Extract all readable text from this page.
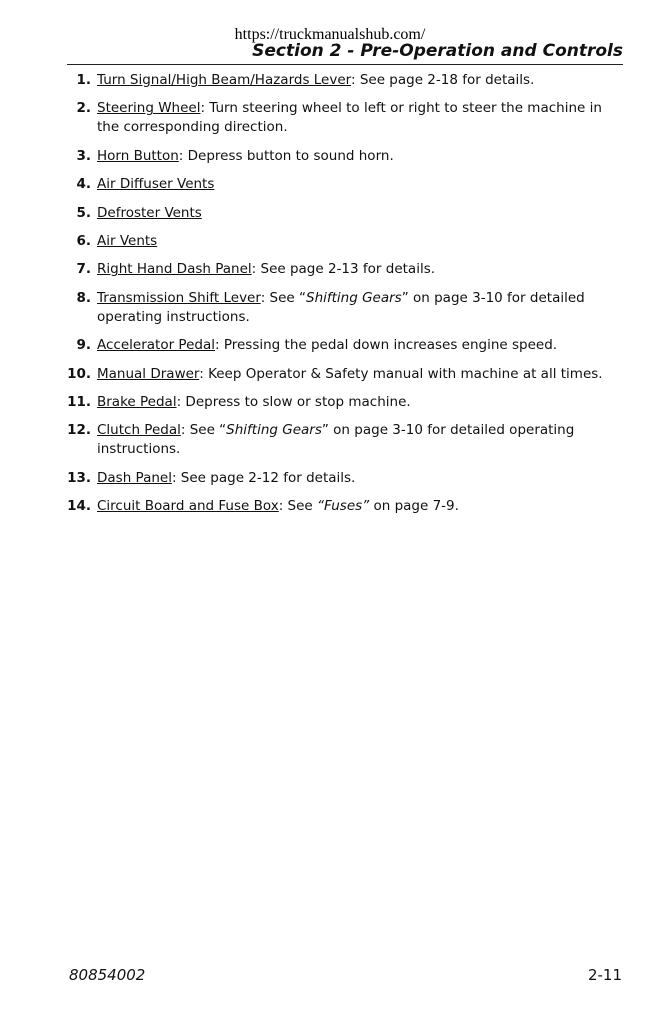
https://truckmanualshub.com/
Section 2 - Pre-Operation and Controls
1. Turn Signal/High Beam/Hazards Lever: See page 2-18 for details.
2. Steering Wheel: Turn steering wheel to left or right to steer the machine in the corresponding direction.
3. Horn Button: Depress button to sound horn.
4. Air Diffuser Vents
5. Defroster Vents
6. Air Vents
7. Right Hand Dash Panel: See page 2-13 for details.
8. Transmission Shift Lever: See “Shifting Gears” on page 3-10 for detailed operating instructions.
9. Accelerator Pedal: Pressing the pedal down increases engine speed.
10. Manual Drawer: Keep Operator & Safety manual with machine at all times.
11. Brake Pedal: Depress to slow or stop machine.
12. Clutch Pedal: See “Shifting Gears” on page 3-10 for detailed operating instructions.
13. Dash Panel: See page 2-12 for details.
14. Circuit Board and Fuse Box: See “Fuses” on page 7-9.
80854002	2-11
